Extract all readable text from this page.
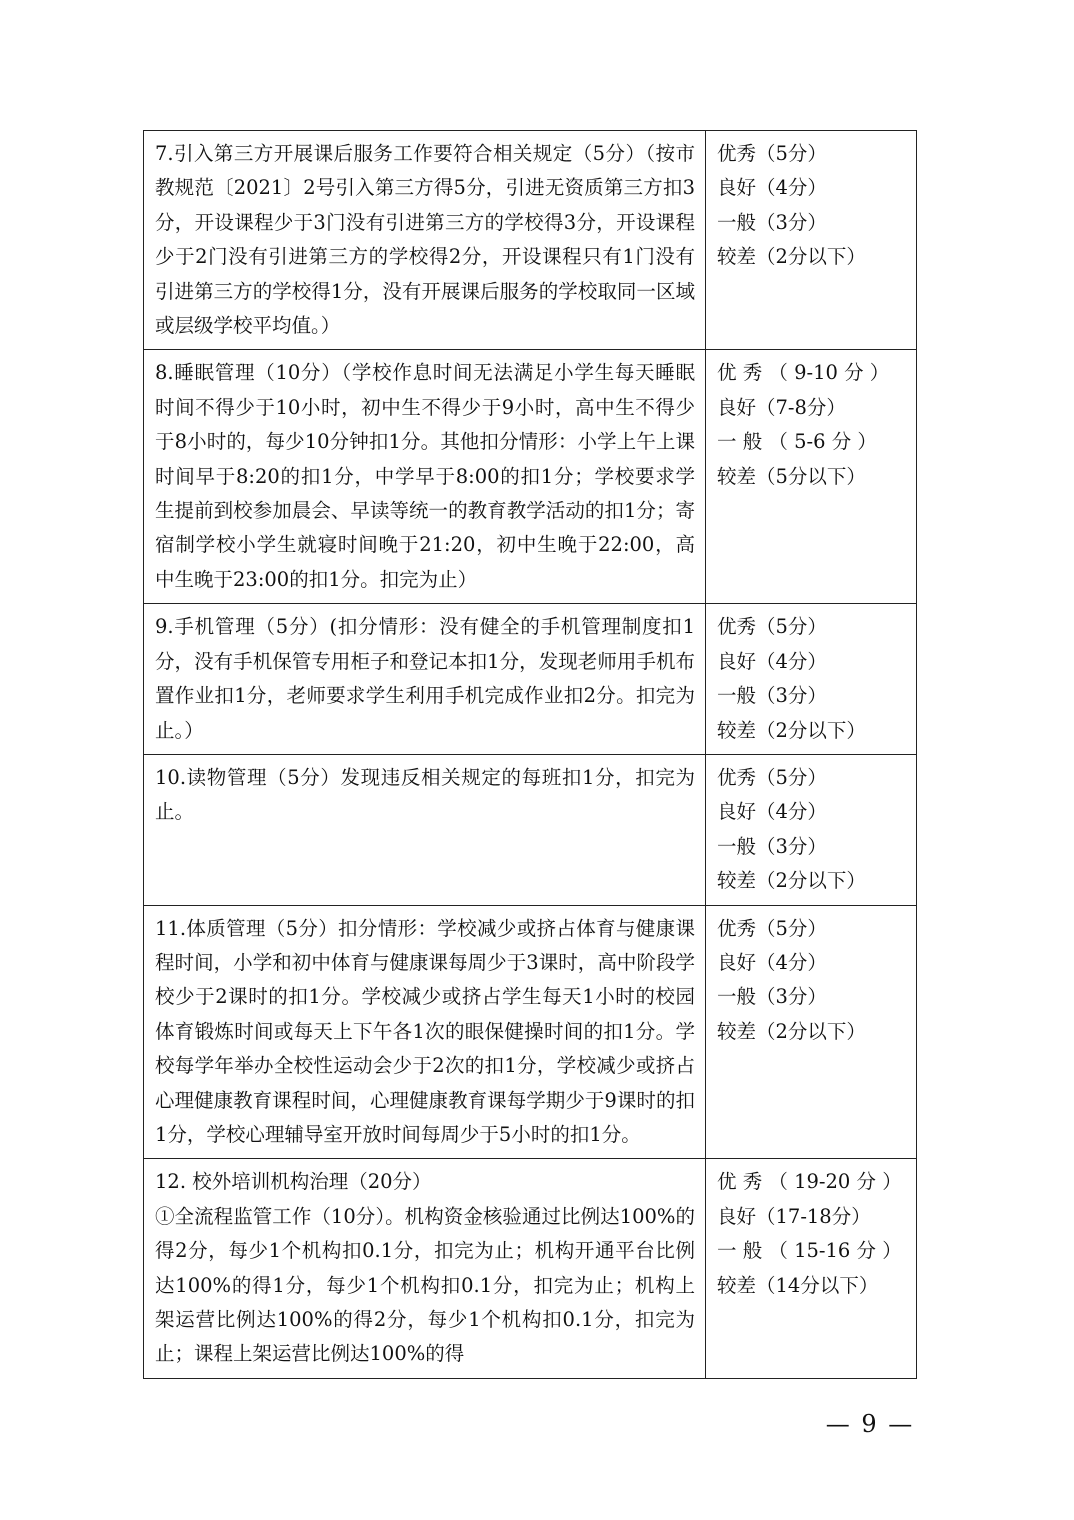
7.引入第三方开展课后服务工作要符合相关规定（5分）（按市教规范〔2021〕2号引入第三方得5分，引进无资质第三方扣3分，开设课程少于3门没有引进第三方的学校得3分，开设课程少于2门没有引进第三方的学校得2分，开设课程只有1门没有引进第三方的学校得1分，没有开展课后服务的学校取同一区域或层级学校平均值。）	优秀（5分）
良好（4分）
一般（3分）
较差（2分以下）

8.睡眠管理（10分）（学校作息时间无法满足小学生每天睡眠时间不得少于10小时，初中生不得少于9小时，高中生不得少于8小时的，每少10分钟扣1分。其他扣分情形：小学上午上课时间早于8:20的扣1分，中学早于8:00的扣1分；学校要求学生提前到校参加晨会、早读等统一的教育教学活动的扣1分；寄宿制学校小学生就寝时间晚于21:20，初中生晚于22:00，高中生晚于23:00的扣1分。扣完为止）	优 秀 （ 9-10 分 ）
良好（7-8分）
一 般 （ 5-6 分 ）
较差（5分以下）

9.手机管理（5分）(扣分情形：没有健全的手机管理制度扣1分，没有手机保管专用柜子和登记本扣1分，发现老师用手机布置作业扣1分，老师要求学生利用手机完成作业扣2分。扣完为止。）	优秀（5分）
良好（4分）
一般（3分）
较差（2分以下）

10.读物管理（5分）发现违反相关规定的每班扣1分，扣完为止。	优秀（5分）
良好（4分）
一般（3分）
较差（2分以下）

11.体质管理（5分）扣分情形：学校减少或挤占体育与健康课程时间，小学和初中体育与健康课每周少于3课时，高中阶段学校少于2课时的扣1分。学校减少或挤占学生每天1小时的校园体育锻炼时间或每天上下午各1次的眼保健操时间的扣1分。学校每学年举办全校性运动会少于2次的扣1分，学校减少或挤占心理健康教育课程时间，心理健康教育课每学期少于9课时的扣1分，学校心理辅导室开放时间每周少于5小时的扣1分。	优秀（5分）
良好（4分）
一般（3分）
较差（2分以下）

12. 校外培训机构治理（20分）
①全流程监管工作（10分）。机构资金核验通过比例达100%的得2分，每少1个机构扣0.1分，扣完为止；机构开通平台比例达100%的得1分，每少1个机构扣0.1分，扣完为止；机构上架运营比例达100%的得2分，每少1个机构扣0.1分，扣完为止；课程上架运营比例达100%的得	优 秀 （ 19-20 分 ）
良好（17-18分）
一 般 （ 15-16 分 ）
较差（14分以下）
— 9 —
